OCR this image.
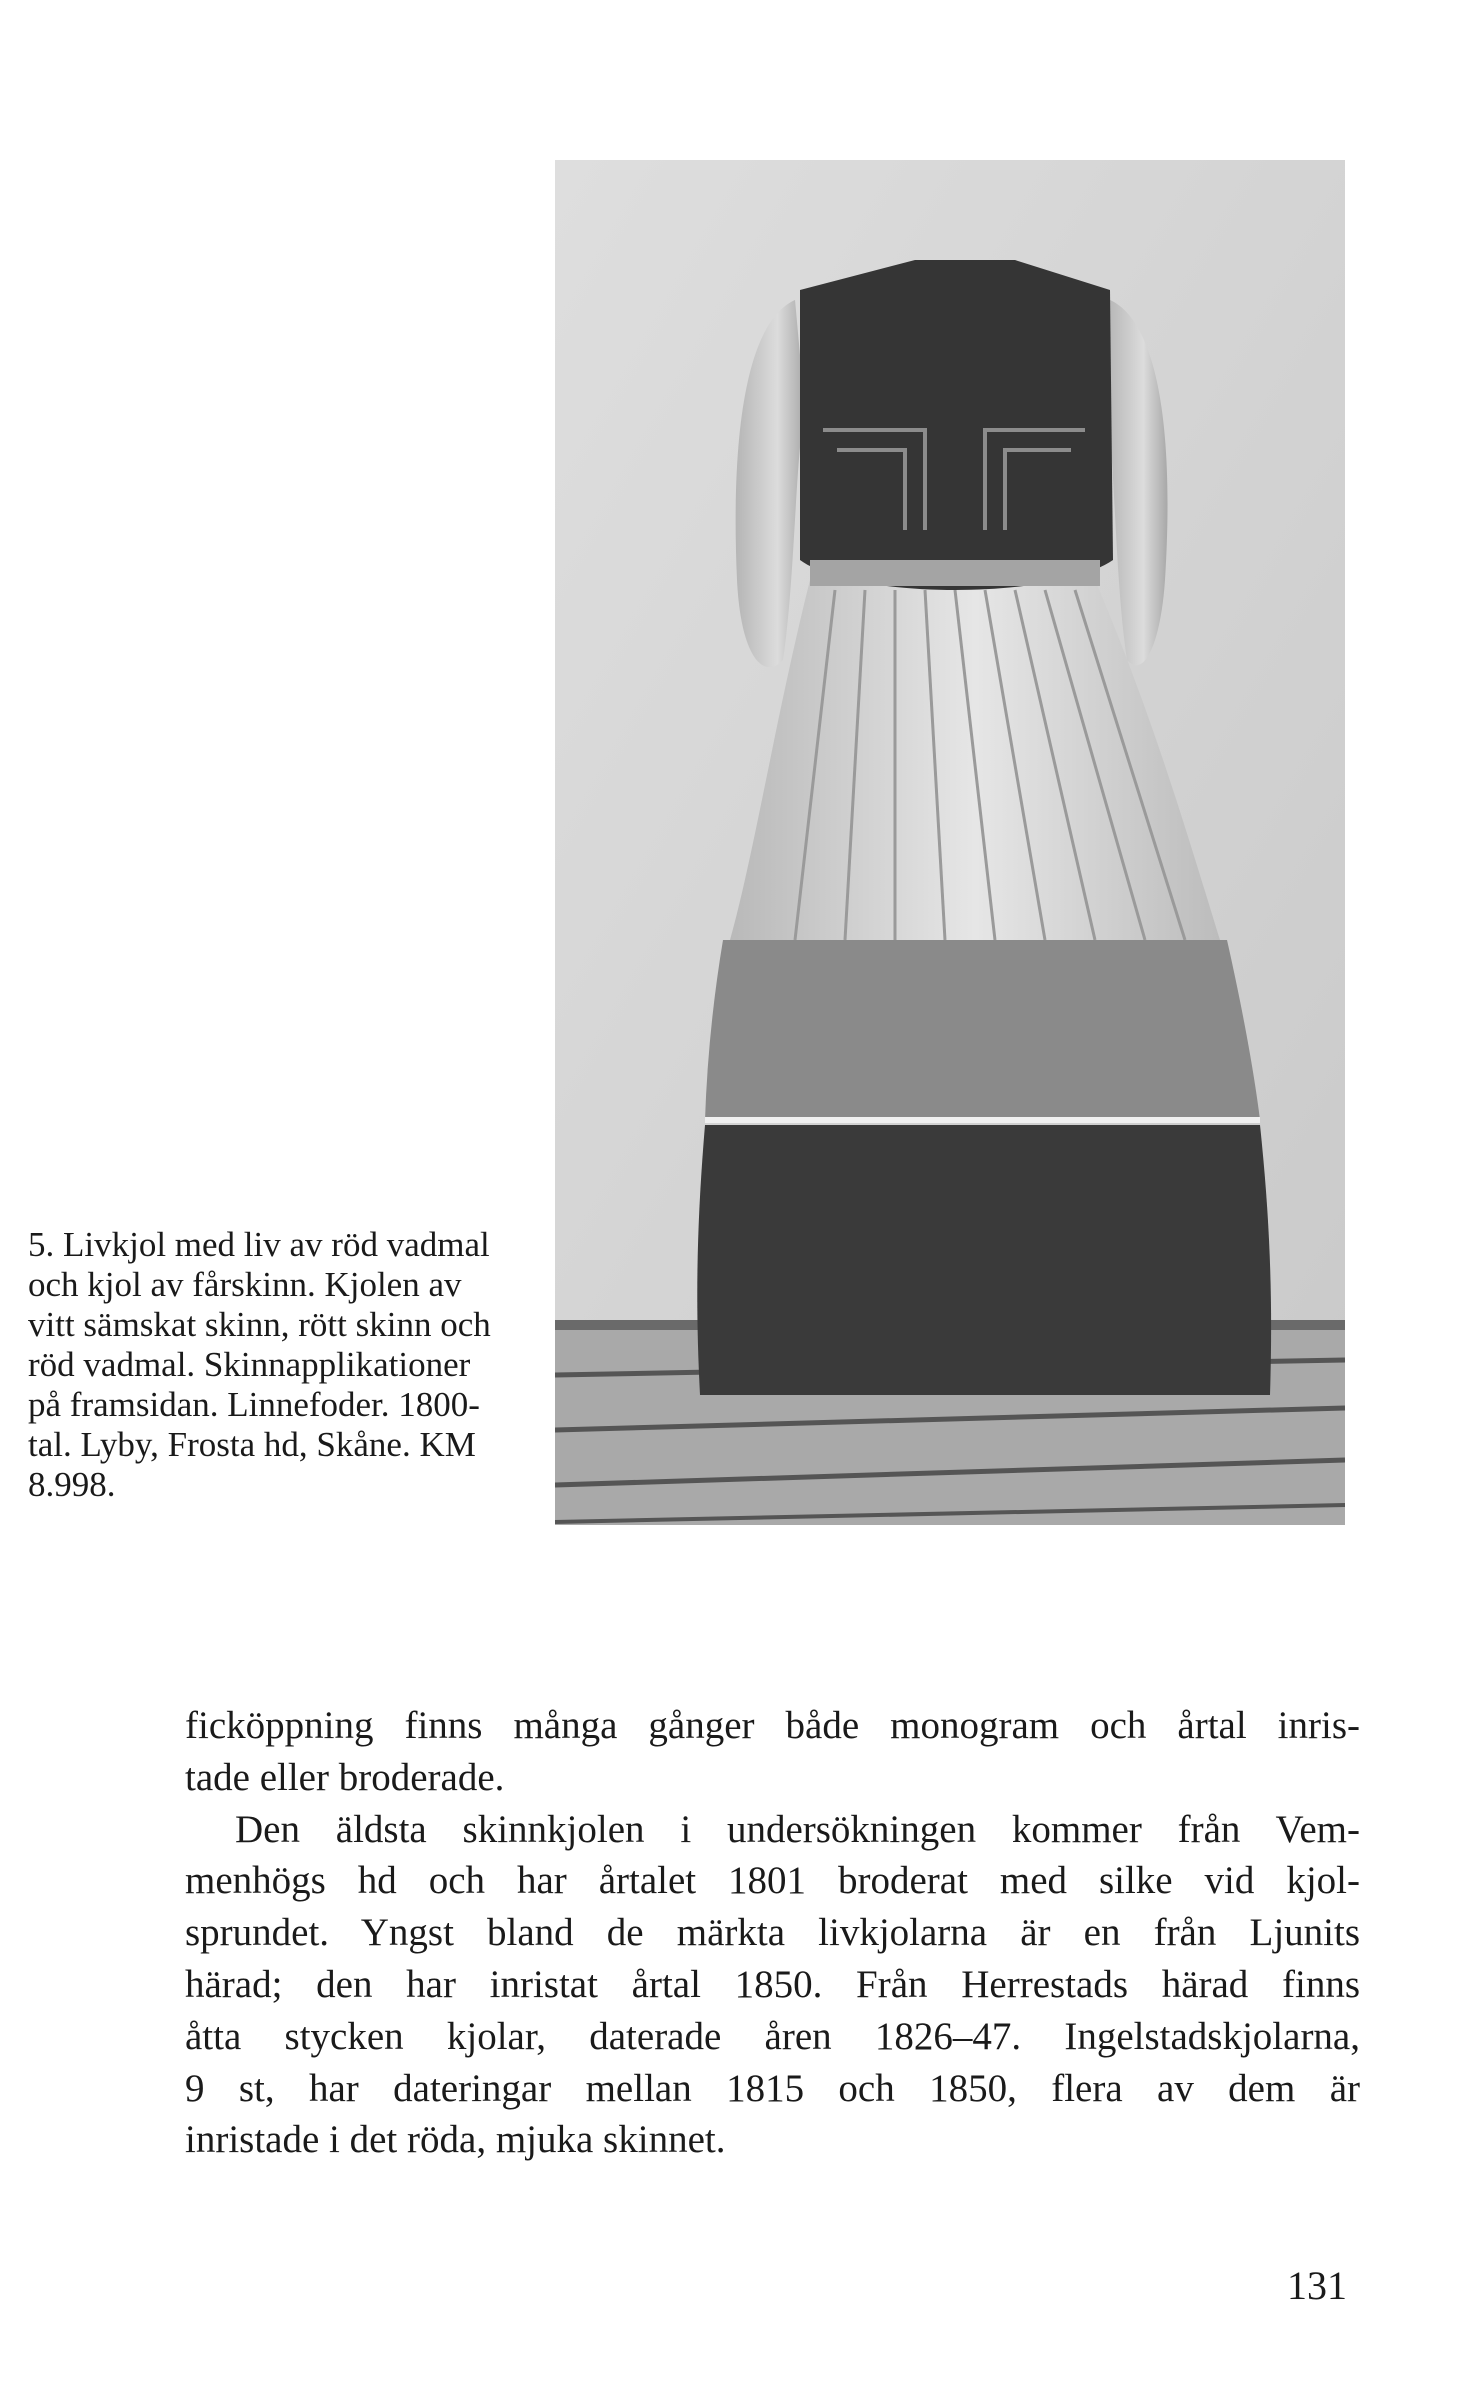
5. Livkjol med liv av röd vadmal
och kjol av fårskinn. Kjolen av
vitt sämskat skinn, rött skinn och
röd vadmal. Skinnapplikationer
på framsidan. Linnefoder. 1800-
tal. Lyby, Frosta hd, Skåne. KM
8.998.
ficköppning finns många gånger både monogram och årtal inris-
tade eller broderade.
Den äldsta skinnkjolen i undersökningen kommer från Vem-
menhögs hd och har årtalet 1801 broderat med silke vid kjol-
sprundet. Yngst bland de märkta livkjolarna är en från Ljunits
härad; den har inristat årtal 1850. Från Herrestads härad finns
åtta stycken kjolar, daterade åren 1826–47. Ingelstadskjolarna,
9 st, har dateringar mellan 1815 och 1850, flera av dem är
inristade i det röda, mjuka skinnet.
131
